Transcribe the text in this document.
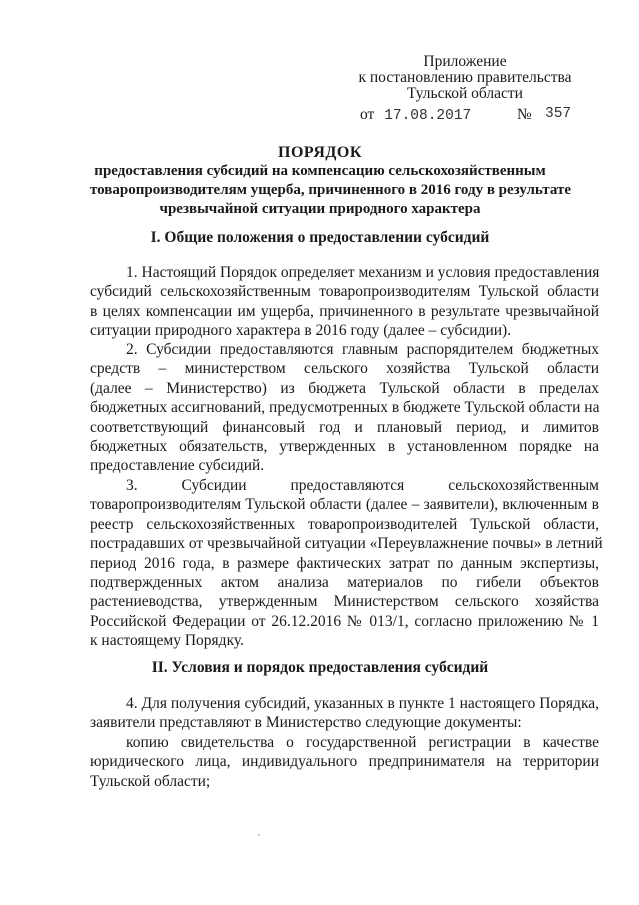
Приложение
к постановлению правительства
Тульской области
от 17.08.2017	№ 357
ПОРЯДОК
предоставления субсидий на компенсацию сельскохозяйственным
товаропроизводителям ущерба, причиненного в 2016 году в результате
чрезвычайной ситуации природного характера
I. Общие положения о предоставлении субсидий
1. Настоящий Порядок определяет механизм и условия предоставления
субсидий сельскохозяйственным товаропроизводителям Тульской области
в целях компенсации им ущерба, причиненного в результате чрезвычайной
ситуации природного характера в 2016 году (далее – субсидии).
2. Субсидии предоставляются главным распорядителем бюджетных
средств – министерством сельского хозяйства Тульской области
(далее – Министерство) из бюджета Тульской области в пределах
бюджетных ассигнований, предусмотренных в бюджете Тульской области на
соответствующий финансовый год и плановый период, и лимитов
бюджетных обязательств, утвержденных в установленном порядке на
предоставление субсидий.
3. Субсидии предоставляются сельскохозяйственным
товаропроизводителям Тульской области (далее – заявители), включенным в
реестр сельскохозяйственных товаропроизводителей Тульской области,
пострадавших от чрезвычайной ситуации «Переувлажнение почвы» в летний
период 2016 года, в размере фактических затрат по данным экспертизы,
подтвержденных актом анализа материалов по гибели объектов
растениеводства, утвержденным Министерством сельского хозяйства
Российской Федерации от 26.12.2016 № 013/1, согласно приложению № 1
к настоящему Порядку.
II. Условия и порядок предоставления субсидий
4. Для получения субсидий, указанных в пункте 1 настоящего Порядка,
заявители представляют в Министерство следующие документы:
копию свидетельства о государственной регистрации в качестве
юридического лица, индивидуального предпринимателя на территории
Тульской области;
